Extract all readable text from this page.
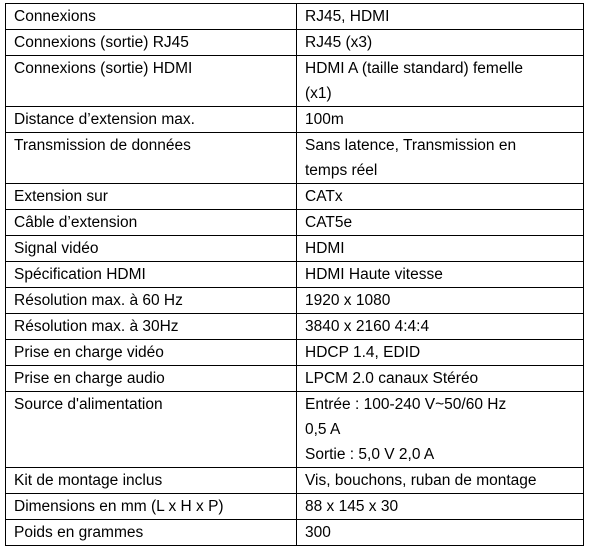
Connexions	RJ45, HDMI

Connexions (sortie) RJ45	RJ45 (x3)

Connexions (sortie) HDMI	HDMI A (taille standard) femelle
(x1)

Distance d’extension max.	100m

Transmission de données	Sans latence, Transmission en
temps réel

Extension sur	CATx

Câble d’extension	CAT5e

Signal vidéo	HDMI

Spécification HDMI	HDMI Haute vitesse

Résolution max. à 60 Hz	1920 x 1080

Résolution max. à 30Hz	3840 x 2160 4:4:4

Prise en charge vidéo	HDCP 1.4, EDID

Prise en charge audio	LPCM 2.0 canaux Stéréo

Source d'alimentation	Entrée : 100-240 V~50/60 Hz
0,5 A
Sortie : 5,0 V 2,0 A

Kit de montage inclus	Vis, bouchons, ruban de montage

Dimensions en mm (L x H x P)	88 x 145 x 30

Poids en grammes	300
